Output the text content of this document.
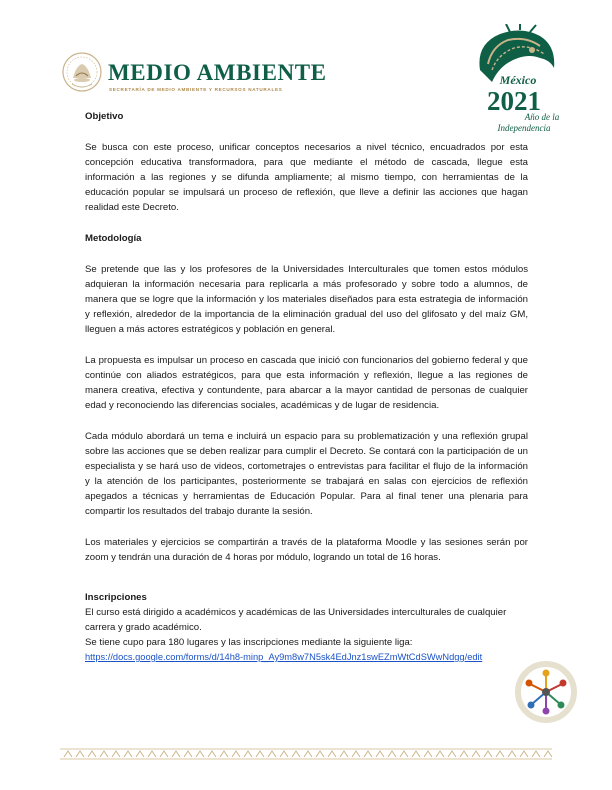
MEDIO AMBIENTE
SECRETARÍA DE MEDIO AMBIENTE Y RECURSOS NATURALES
México
2021
Año de la
Independencia

Objetivo

Se busca con este proceso, unificar conceptos necesarios a nivel técnico, encuadrados por esta concepción educativa transformadora, para que mediante el método de cascada, llegue esta información a las regiones y se difunda ampliamente; al mismo tiempo, con herramientas de la educación popular se impulsará un proceso de reflexión, que lleve a definir las acciones que hagan realidad este Decreto.

Metodología

Se pretende que las y los profesores de la Universidades Interculturales que tomen estos módulos adquieran la información necesaria para replicarla a más profesorado y sobre todo a alumnos, de manera que se logre que la información y los materiales diseñados para esta estrategia de información y reflexión, alrededor de la importancia de la eliminación gradual del uso del glifosato y del maíz GM, lleguen a más actores estratégicos y población en general.

La propuesta es impulsar un proceso en cascada que inició con funcionarios del gobierno federal y que continúe con aliados estratégicos, para que esta información y reflexión, llegue a las regiones de manera creativa, efectiva y contundente, para abarcar a la mayor cantidad de personas de cualquier edad y reconociendo las diferencias sociales, académicas y de lugar de residencia.

Cada módulo abordará un tema e incluirá un espacio para su problematización y una reflexión grupal sobre las acciones que se deben realizar para cumplir el Decreto. Se contará con la participación de un especialista y se hará uso de videos, cortometrajes o entrevistas para facilitar el flujo de la información y la atención de los participantes, posteriormente se trabajará en salas con ejercicios de reflexión apegados a técnicas y herramientas de Educación Popular. Para al final tener una plenaria para compartir los resultados del trabajo durante la sesión.

Los materiales y ejercicios se compartirán a través de la plataforma Moodle y las sesiones serán por zoom y tendrán una duración de 4 horas por módulo, logrando un total de 16 horas.

Inscripciones

El curso está dirigido a académicos y académicas de las Universidades interculturales de cualquier carrera y grado académico.

Se tiene cupo para 180 lugares y las inscripciones mediante la siguiente liga:

https://docs.google.com/forms/d/14h8-minp_Ay9m8w7N5sk4EdJnz1swEZmWtCdSWwNdgg/edit
